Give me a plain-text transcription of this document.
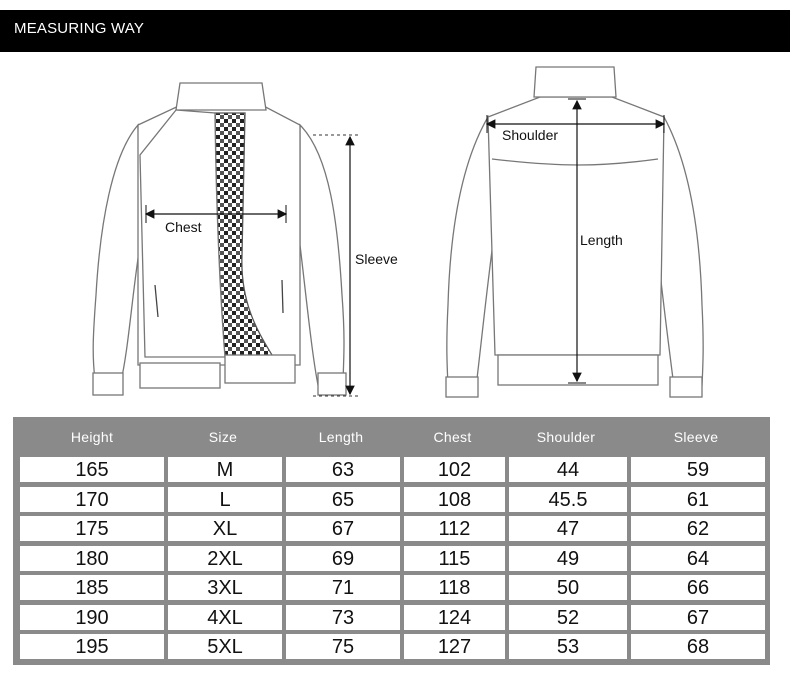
MEASURING WAY
Chest
Sleeve
Shoulder
Length
Height	Size	Length	Chest	Shoulder	Sleeve
165	M	63	102	44	59
170	L	65	108	45.5	61
175	XL	67	112	47	62
180	2XL	69	115	49	64
185	3XL	71	118	50	66
190	4XL	73	124	52	67
195	5XL	75	127	53	68
